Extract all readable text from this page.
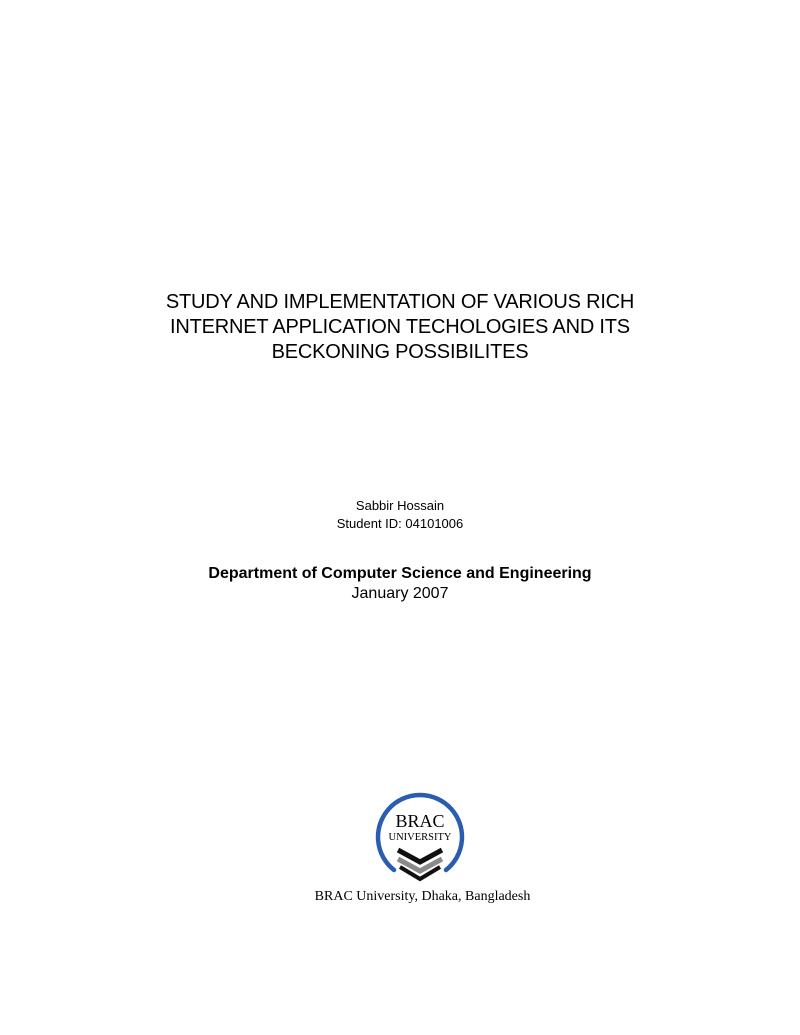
STUDY AND IMPLEMENTATION OF VARIOUS RICH
INTERNET APPLICATION TECHOLOGIES AND ITS
BECKONING POSSIBILITES
Sabbir Hossain
Student ID: 04101006
Department of Computer Science and Engineering
January 2007
BRAC
UNIVERSITY
BRAC University, Dhaka, Bangladesh
